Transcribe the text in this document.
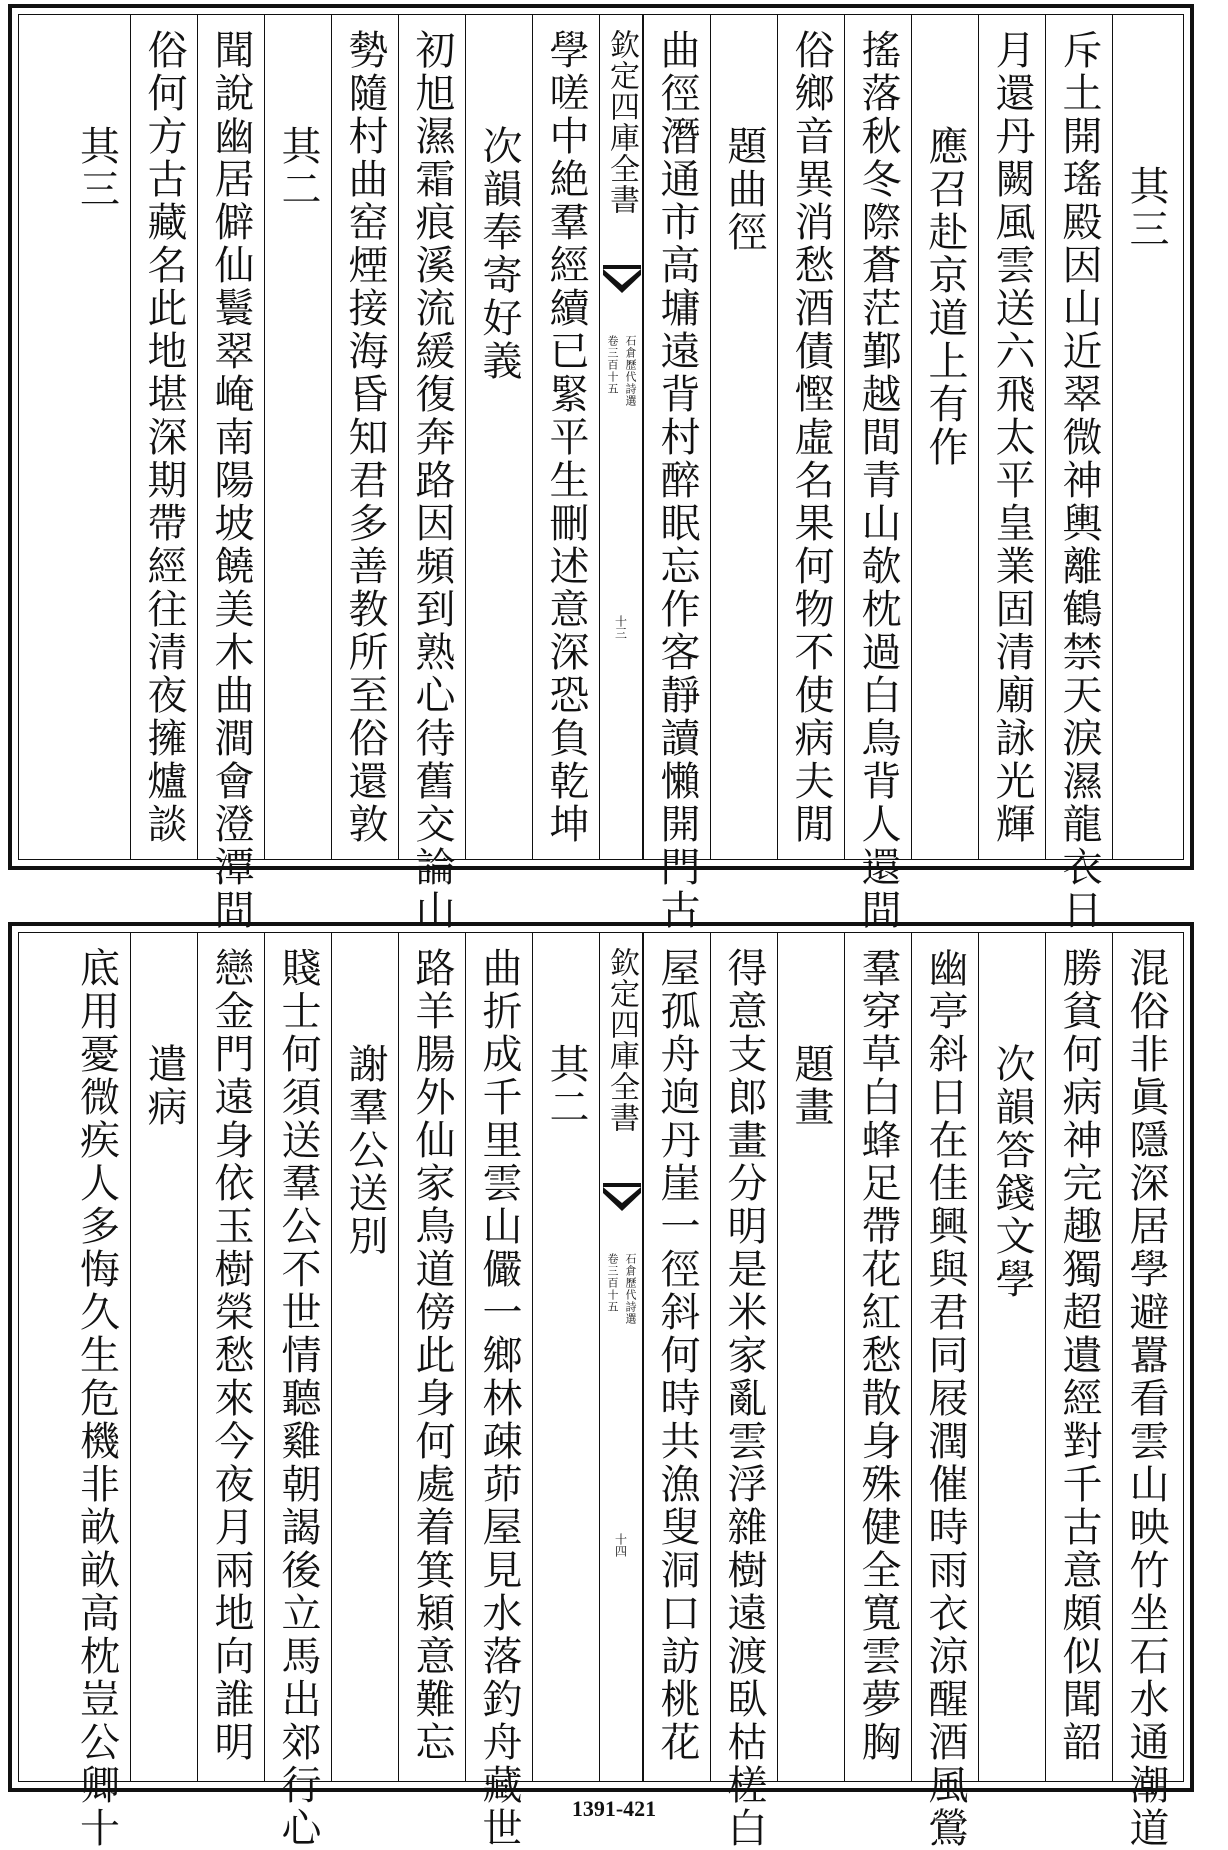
其三
斥土開瑤殿因山近翠微神輿離鶴禁天淚濕龍衣日
月還丹闕風雲送六飛太平皇業固清廟詠光輝
應召赴京道上有作
搖落秋冬際蒼茫鄞越間青山欹枕過白鳥背人還問
俗鄉音異消愁酒債慳虛名果何物不使病夫閒
題曲徑
曲徑潛通市高墉遠背村醉眠忘作客靜讀懶開門古
欽定四庫全書
石倉歷代詩選
卷三百十五
十三
學嗟中絶羣經續已緊平生刪述意深恐負乾坤
次韻奉寄好義
初旭濕霜痕溪流緩復奔路因頻到熟心待舊交論山
勢隨村曲窑煙接海昏知君多善教所至俗還敦
其二
聞說幽居僻仙鬟翠崦南陽坡饒美木曲澗會澄潭問
俗何方古藏名此地堪深期帶經往清夜擁爐談
其三
混俗非眞隱深居學避囂看雲山映竹坐石水通潮道
勝貧何病神完趣獨超遺經對千古意頗似聞韶
次韻答錢文學
幽亭斜日在佳興與君同屐潤催時雨衣涼醒酒風鶯
羣穿草白蜂足帶花紅愁散身殊健全寬雲夢胸
題畫
得意支郎畫分明是米家亂雲浮雜樹遠渡臥枯槎白
屋孤舟逈丹崖一徑斜何時共漁叟洞口訪桃花
欽定四庫全書
石倉歷代詩選
卷三百十五
十四
其二
曲折成千里雲山儼一鄉林疎茆屋見水落釣舟藏世
路羊腸外仙家鳥道傍此身何處着箕潁意難忘
謝羣公送別
賤士何須送羣公不世情聽雞朝謁後立馬出郊行心
戀金門遠身依玉樹榮愁來今夜月兩地向誰明
遣病
底用憂微疾人多悔久生危機非畝畝高枕豈公卿十	1391-421
